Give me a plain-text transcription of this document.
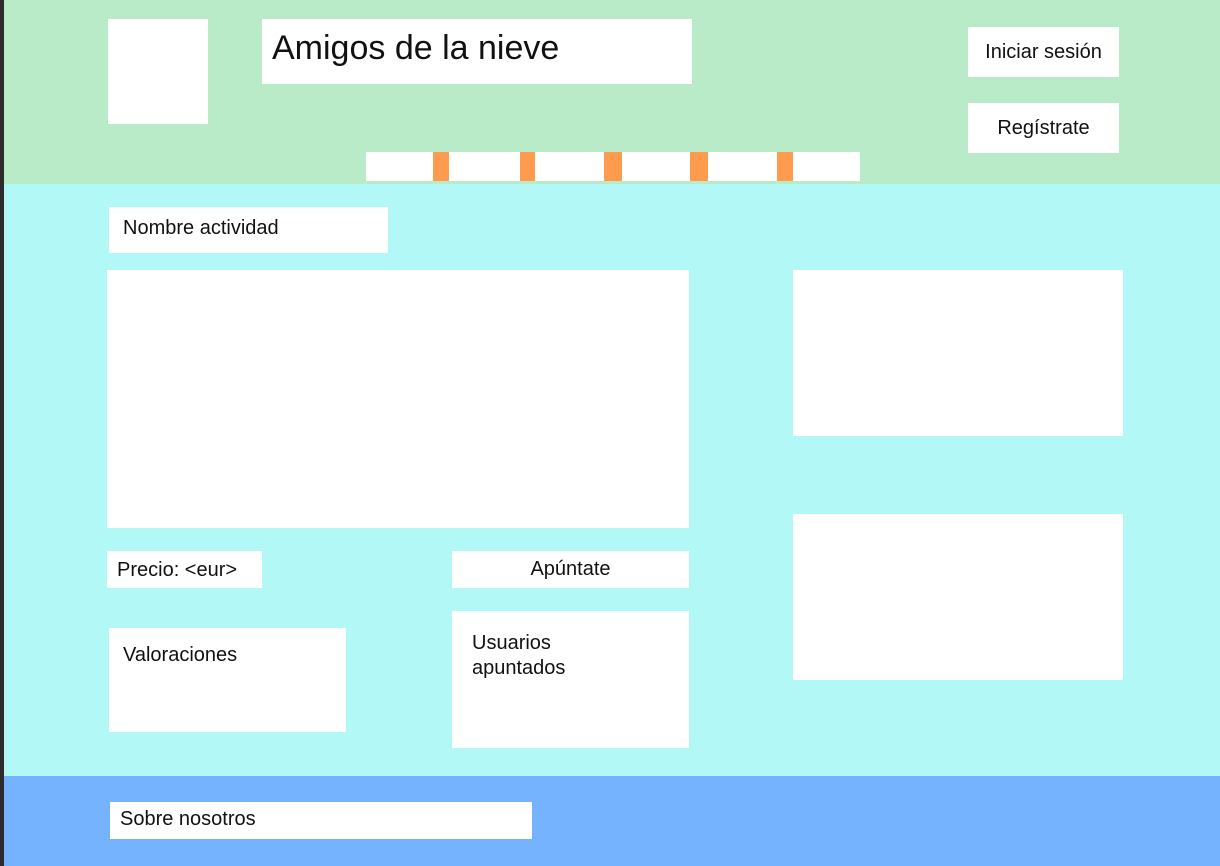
Amigos de la nieve	Iniciar sesión
Regístrate
Nombre actividad
Precio: <eur>	Apúntate
Valoraciones
Usuarios apuntados
Sobre nosotros
